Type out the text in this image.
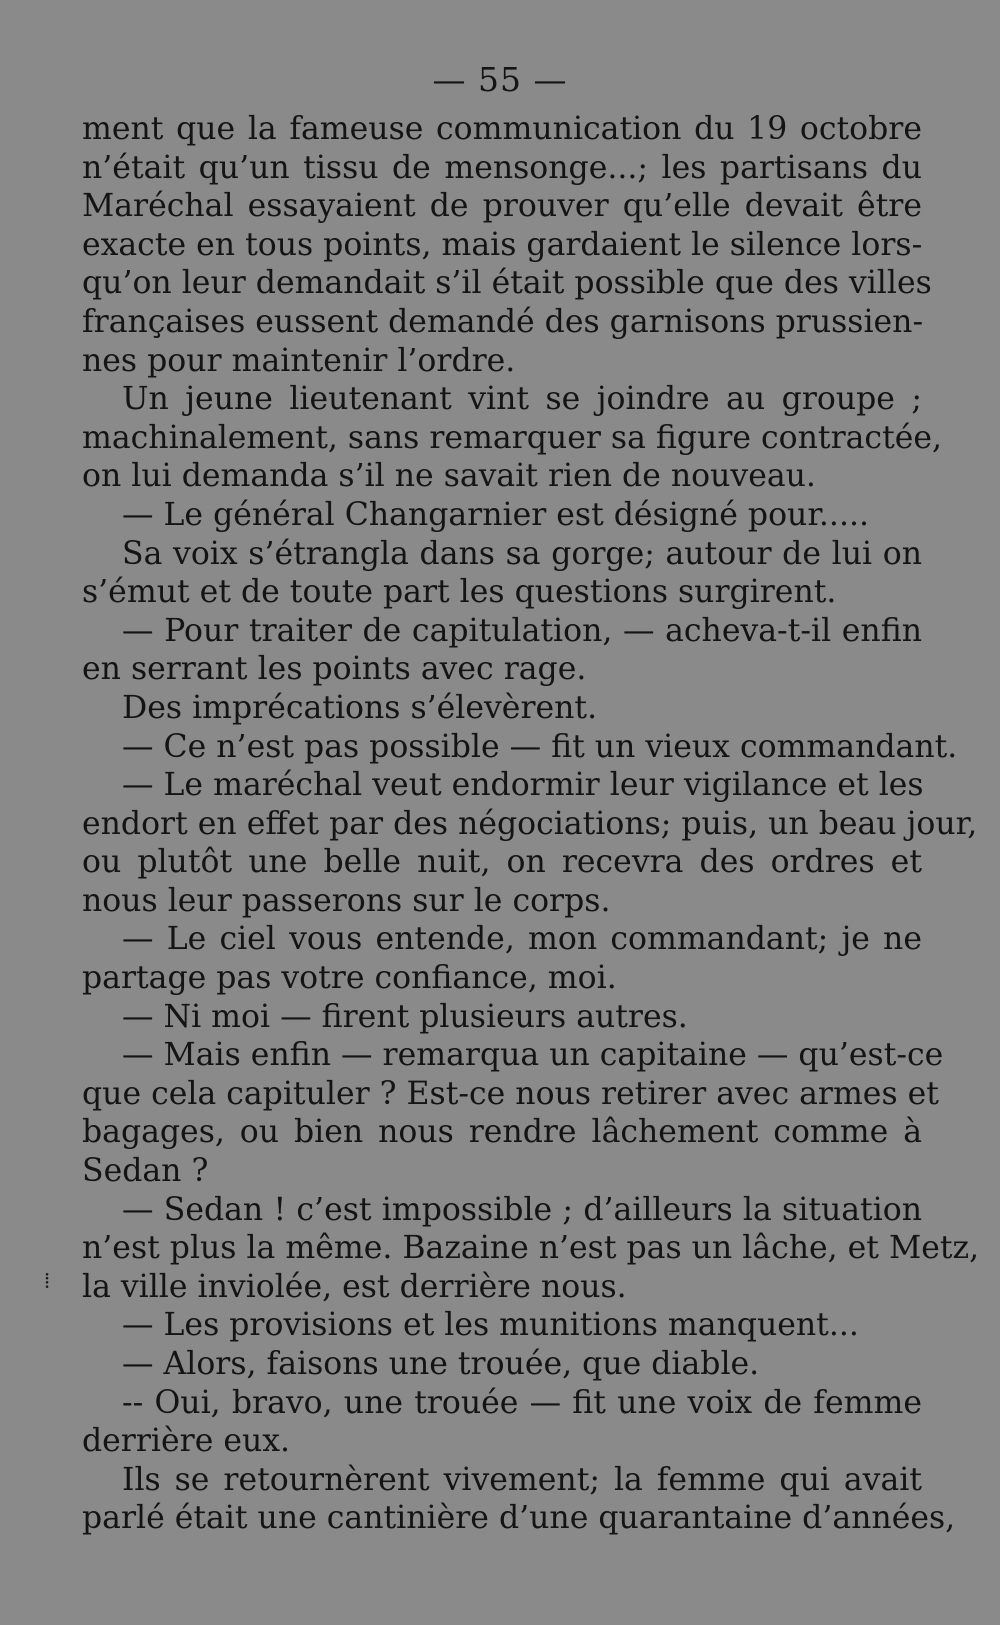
— 55 —
ment que la fameuse communication du 19 octobre
n’était qu’un tissu de mensonge...; les partisans du
Maréchal essayaient de prouver qu’elle devait être
exacte en tous points, mais gardaient le silence lors-
qu’on leur demandait s’il était possible que des villes
françaises eussent demandé des garnisons prussien-
nes pour maintenir l’ordre.
Un jeune lieutenant vint se joindre au groupe ;
machinalement, sans remarquer sa figure contractée,
on lui demanda s’il ne savait rien de nouveau.
— Le général Changarnier est désigné pour.....
Sa voix s’étrangla dans sa gorge; autour de lui on
s’émut et de toute part les questions surgirent.
— Pour traiter de capitulation, — acheva-t-il enfin
en serrant les points avec rage.
Des imprécations s’élevèrent.
— Ce n’est pas possible — fit un vieux commandant.
— Le maréchal veut endormir leur vigilance et les
endort en effet par des négociations; puis, un beau jour,
ou plutôt une belle nuit, on recevra des ordres et
nous leur passerons sur le corps.
— Le ciel vous entende, mon commandant; je ne
partage pas votre confiance, moi.
— Ni moi — firent plusieurs autres.
— Mais enfin — remarqua un capitaine — qu’est-ce
que cela capituler ? Est-ce nous retirer avec armes et
bagages, ou bien nous rendre lâchement comme à
Sedan ?
— Sedan ! c’est impossible ; d’ailleurs la situation
n’est plus la même. Bazaine n’est pas un lâche, et Metz,
la ville inviolée, est derrière nous.
— Les provisions et les munitions manquent...
— Alors, faisons une trouée, que diable.
-- Oui, bravo, une trouée — fit une voix de femme
derrière eux.
Ils se retournèrent vivement; la femme qui avait
parlé était une cantinière d’une quarantaine d’années,
⁞
